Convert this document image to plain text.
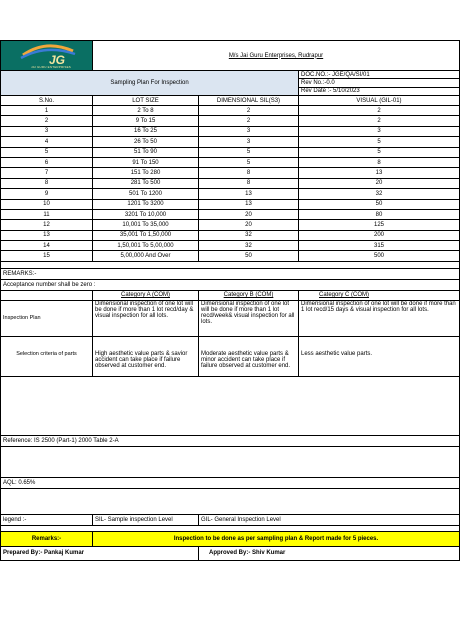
JG
JAI GURU ENTERPRISES	M/s Jai Guru Enterprises, Rudrapur		
Sampling Plan For Inspection			DOC.NO.:- JGE/QA/SI/01
			Rev No.:-0.0
			Rev Date :- 5/10/2023
S.No.	LOT SIZE	DIMENSIONAL SIL(S3)	VISUAL (GIL-01)
1	2 To 8	2	2
2	9 To 15	2	2
3	16 To 25	3	3
4	26 To 50	3	5
5	51 To 90	5	5
6	91 To 150	5	8
7	151 To 280	8	13
8	281 To 500	8	20
9	501 To 1200	13	32
10	1201 To 3200	13	50
11	3201 To 10,000	20	80
12	10,001 To 35,000	20	125
13	35,001 To 1,50,000	32	200
14	1,50,001 To 5,00,000	32	315
15	5,00,000 And Over	50	500

REMARKS:-			
Acceptance number shall be zero :			
	Category A (COM)	Category B (COM)	Category C (COM)
Inspection Plan	Dimensional inspection of one lot will be done if more than 1 lot recd/day & visual inspection for all lots.	Dimensional inspection of one lot will be done if more than 1 lot recd/week& visual inspection for all lots.	Dimensional inspection of one lot will be done if more than 1 lot recd/15 days & visual inspection for all lots.
Selection criteria of parts	High aesthetic value parts & savior accident can take place if failure observed at customer end.	Moderate aesthetic value parts & minor accident can take place if failure observed at customer end.	Less aesthetic value parts.

Reference: IS 2500 (Part-1) 2000 Table 2-A			

AQL: 0.65%			

legend :-	SIL- Sample inspection Level	GIL- General Inspection Level	

Remarks:-	Inspection to be done as per sampling plan & Report made for 5 pieces.		
Prepared By:- Pankaj Kumar		Approved By:- Shiv Kumar	
